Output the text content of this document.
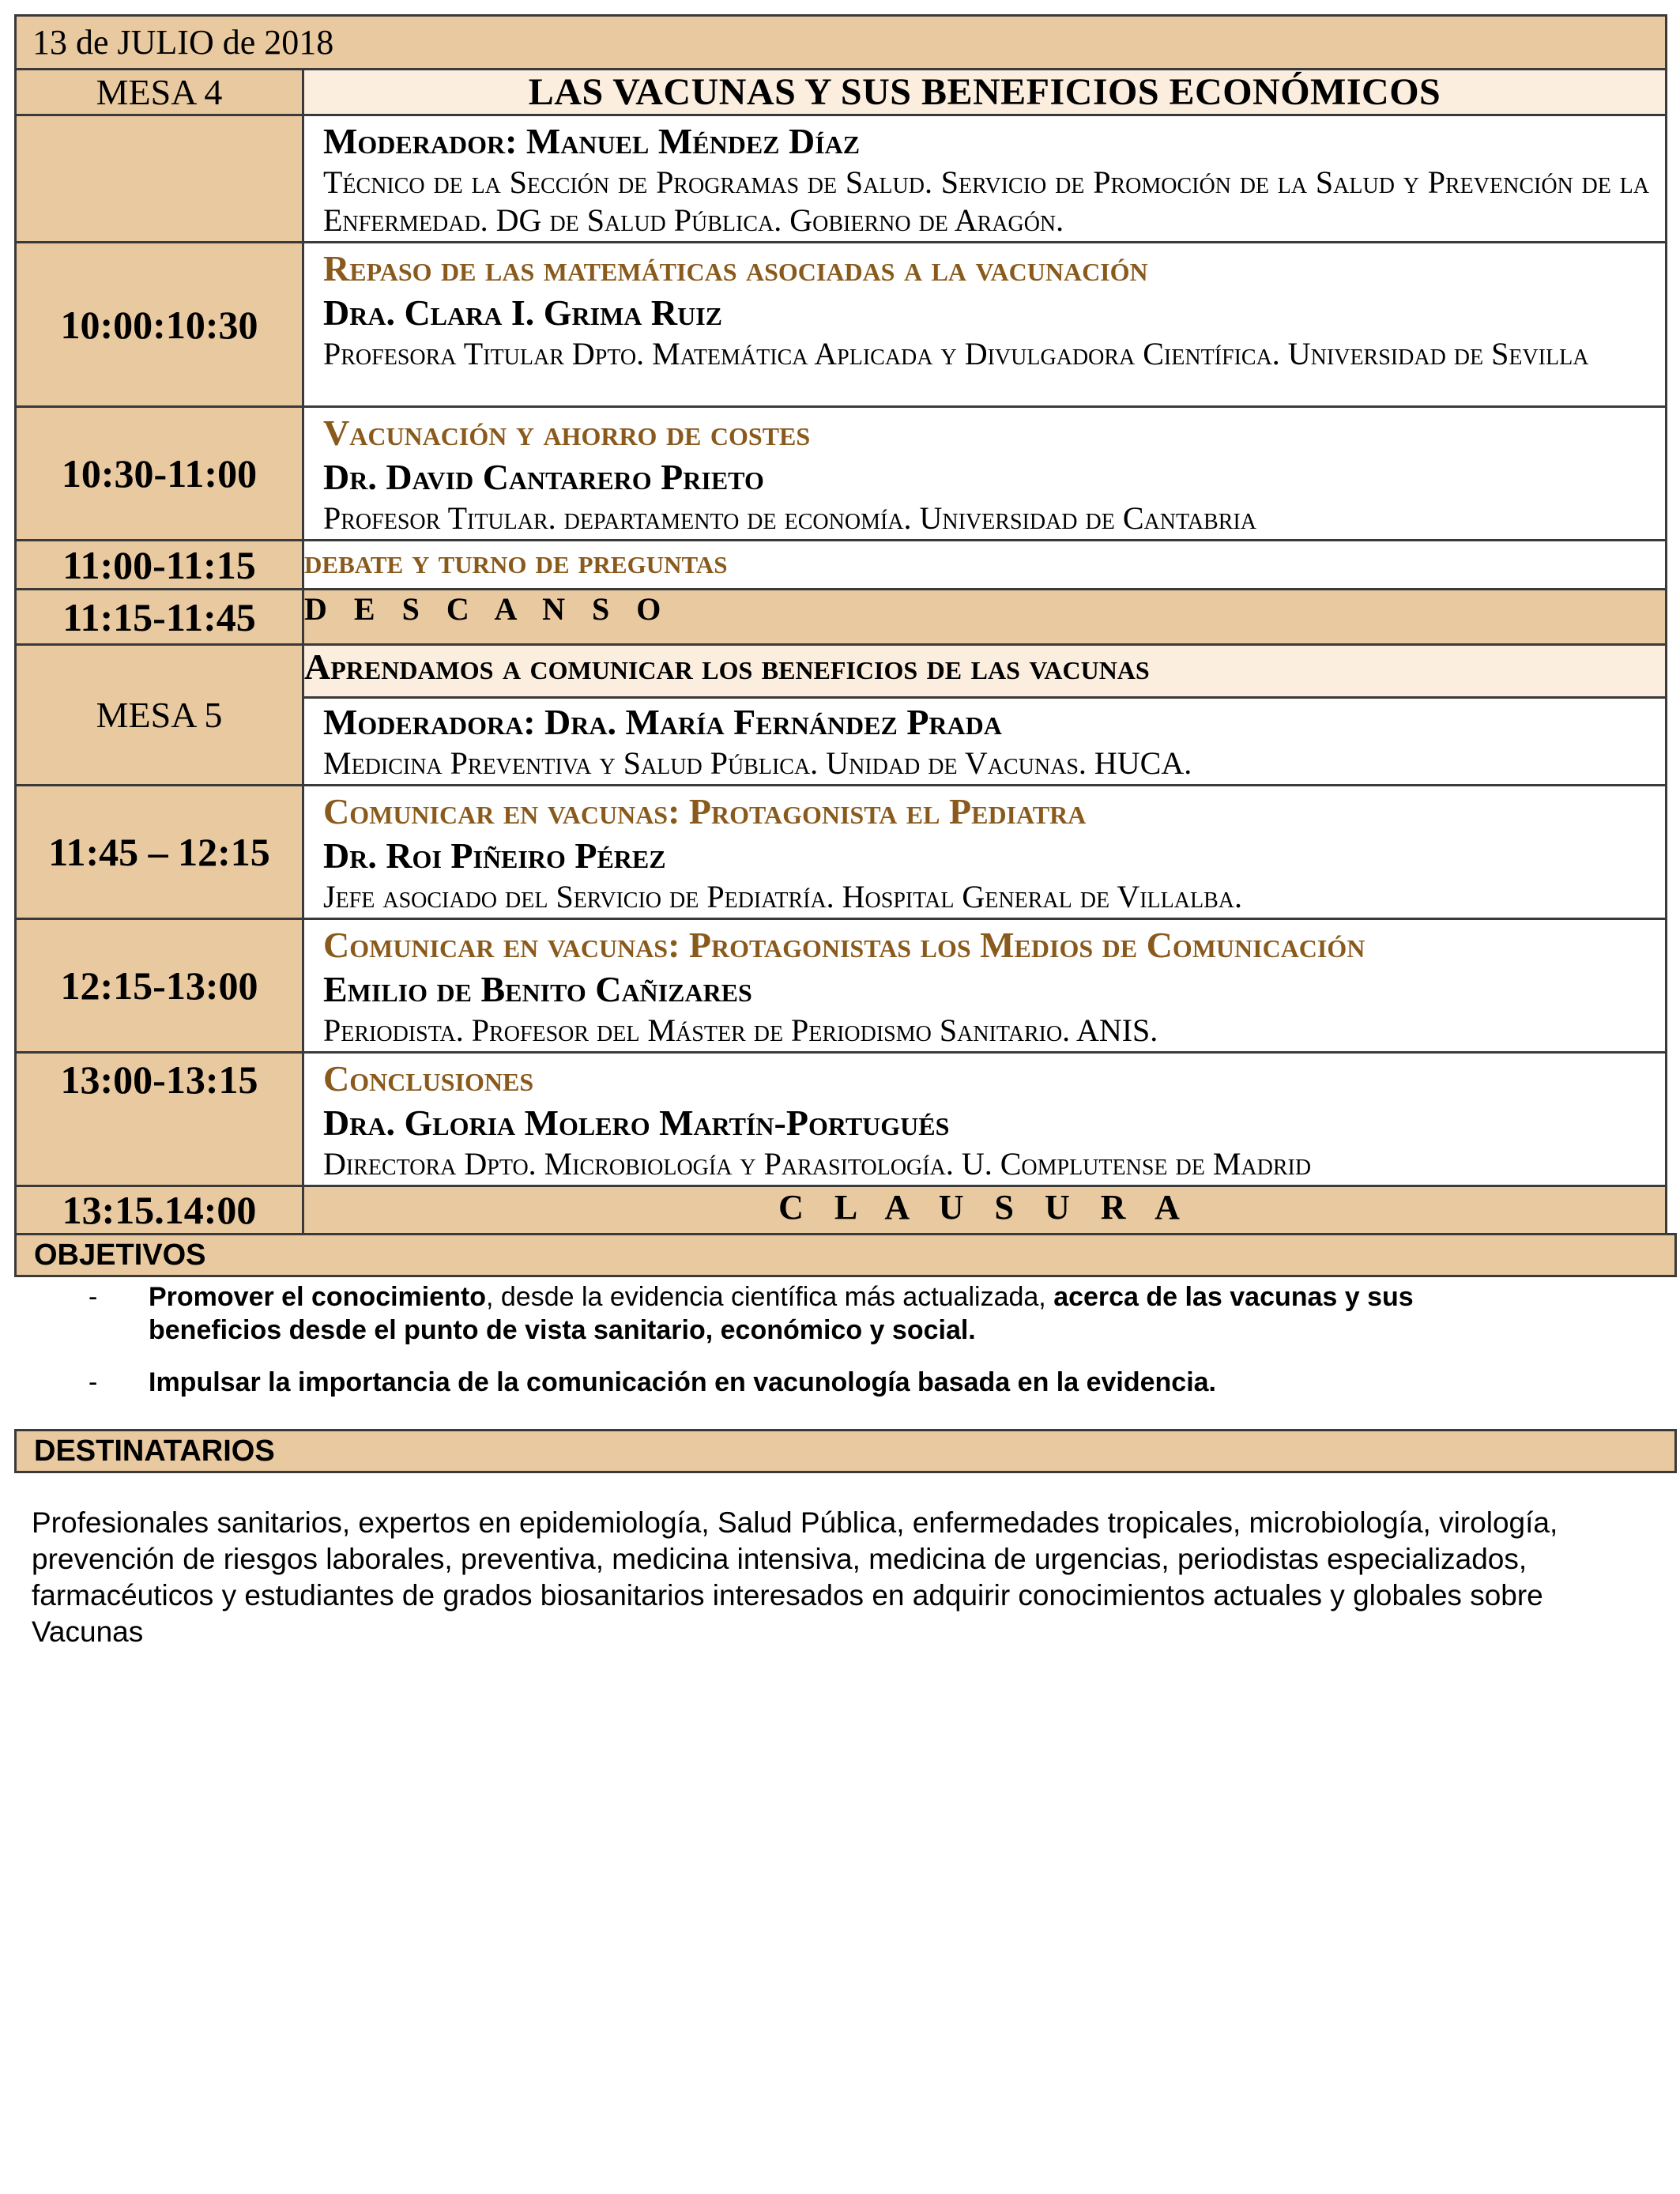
13 de JULIO de 2018	
MESA 4	LAS VACUNAS Y SUS BENEFICIOS ECONÓMICOS

	Moderador: Manuel Méndez Díaz
Técnico de la Sección de Programas de Salud. Servicio de Promoción de la Salud y Prevención de la Enfermedad. DG de Salud Pública. Gobierno de Aragón.

10:00:10:30	Repaso de las matemáticas asociadas a la vacunación
Dra. Clara I. Grima Ruiz
Profesora Titular Dpto. Matemática Aplicada y Divulgadora Científica. Universidad de Sevilla

10:30-11:00	Vacunación y ahorro de costes
Dr. David Cantarero Prieto
Profesor Titular. departamento de economía. Universidad de Cantabria

11:00-11:15	debate y turno de preguntas
11:15-11:45	D E S C A N S O
MESA 5	Aprendamos a comunicar los beneficios de las vacunas

	Moderadora: Dra. María Fernández Prada
Medicina Preventiva y Salud Pública. Unidad de Vacunas. HUCA.

11:45 – 12:15	Comunicar en vacunas: Protagonista el Pediatra
Dr. Roi Piñeiro Pérez
Jefe asociado del Servicio de Pediatría. Hospital General de Villalba.

12:15-13:00	Comunicar en vacunas: Protagonistas los Medios de Comunicación
Emilio de Benito Cañizares
Periodista. Profesor del Máster de Periodismo Sanitario. ANIS.

13:00-13:15	Conclusiones
Dra. Gloria Molero Martín-Portugués
Directora Dpto. Microbiología y Parasitología. U. Complutense de Madrid

13:15.14:00	C L A U S U R A
OBJETIVOS
- Promover el conocimiento, desde la evidencia científica más actualizada, acerca de las vacunas y sus beneficios desde el punto de vista sanitario, económico y social.
- Impulsar la importancia de la comunicación en vacunología basada en la evidencia.
DESTINATARIOS
Profesionales sanitarios, expertos en epidemiología, Salud Pública, enfermedades tropicales, microbiología, virología, prevención de riesgos laborales, preventiva, medicina intensiva, medicina de urgencias, periodistas especializados, farmacéuticos y estudiantes de grados biosanitarios interesados en adquirir conocimientos actuales y globales sobre Vacunas
